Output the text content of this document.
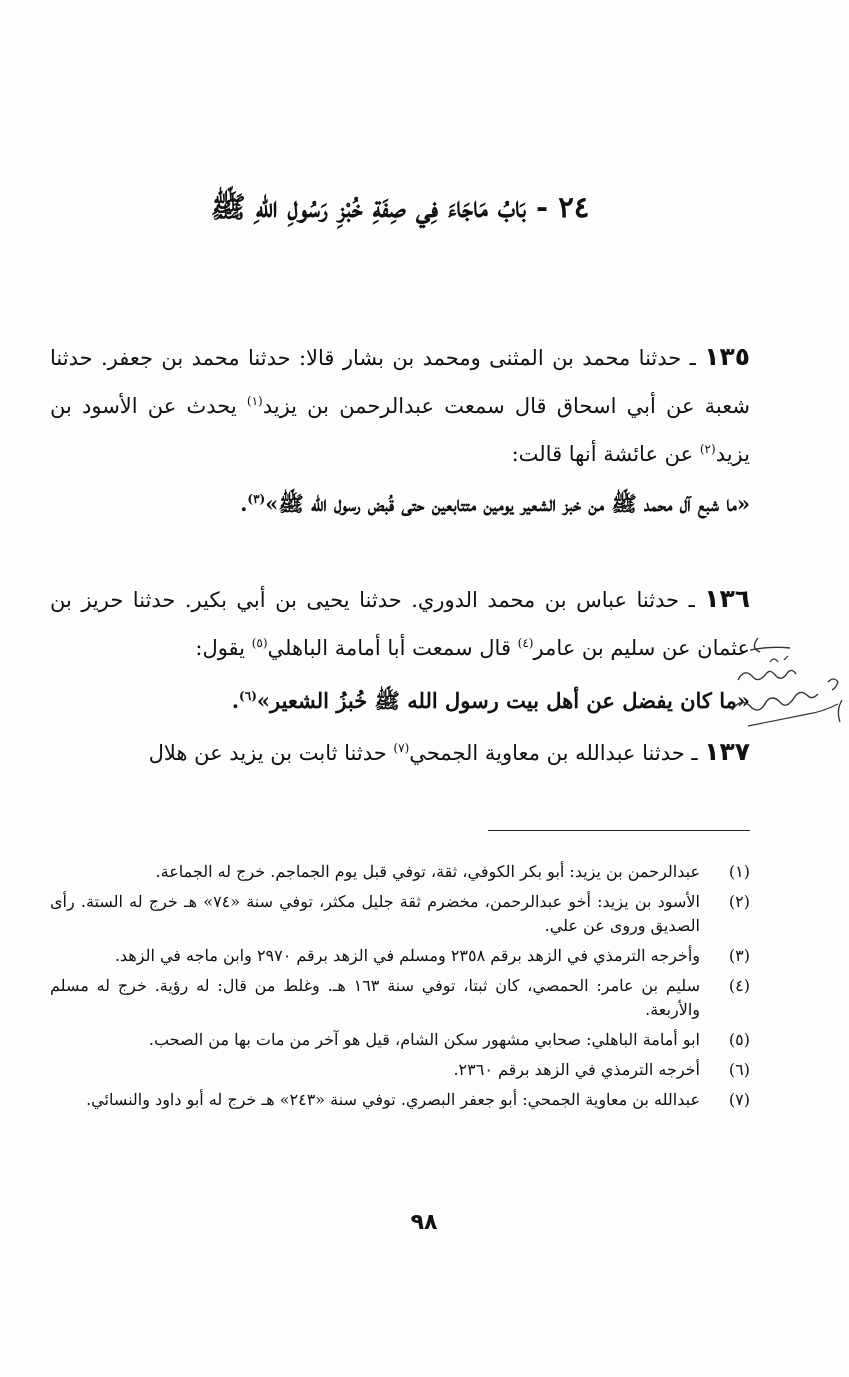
٢٤ - بَابُ مَاجَاءَ فِي صِفَةِ خُبْزِ رَسُولِ اللهِ ﷺ
١٣٥ ـ حدثنا محمد بن المثنى ومحمد بن بشار قالا: حدثنا محمد بن جعفر. حدثنا شعبة عن أبي اسحاق قال سمعت عبدالرحمن بن يزيد$^{(١)}$ يحدث عن الأسود بن يزيد$^{(٢)}$ عن عائشة أنها قالت:
«ما شبع آل محمد ﷺ من خبز الشعير يومين متتابعين حتى قُبض رسول الله ﷺ»$^{(٣)}$.
١٣٦ ـ حدثنا عباس بن محمد الدوري. حدثنا يحيى بن أبي بكير. حدثنا حريز بن عثمان عن سليم بن عامر$^{(٤)}$ قال سمعت أبا أمامة الباهلي$^{(٥)}$ يقول:
«ما كان يفضل عن أهل بيت رسول الله ﷺ خُبزُ الشعير»$^{(٦)}$.
١٣٧ ـ حدثنا عبدالله بن معاوية الجمحي$^{(٧)}$ حدثنا ثابت بن يزيد عن هلال
(١)
عبدالرحمن بن يزيد: أبو بكر الكوفي، ثقة، توفي قبل يوم الجماجم. خرج له الجماعة.
(٢)
الأسود بن يزيد: أخو عبدالرحمن، مخضرم ثقة جليل مكثر، توفي سنة «٧٤» هـ خرج له الستة. رأى الصديق وروى عن علي.
(٣)
وأخرجه الترمذي في الزهد برقم ٢٣٥٨ ومسلم في الزهد برقم ٢٩٧٠ وابن ماجه في الزهد.
(٤)
سليم بن عامر: الحمصي، كان ثبتا، توفي سنة ١٦٣ هـ. وغلط من قال: له رؤية. خرج له مسلم والأربعة.
(٥)
ابو أمامة الباهلي: صحابي مشهور سكن الشام، قيل هو آخر من مات بها من الصحب.
(٦)
أخرجه الترمذي في الزهد برقم ٢٣٦٠.
(٧)
عبدالله بن معاوية الجمحي: أبو جعفر البصري. توفي سنة «٢٤٣» هـ خرج له أبو داود والنسائي.
٩٨
